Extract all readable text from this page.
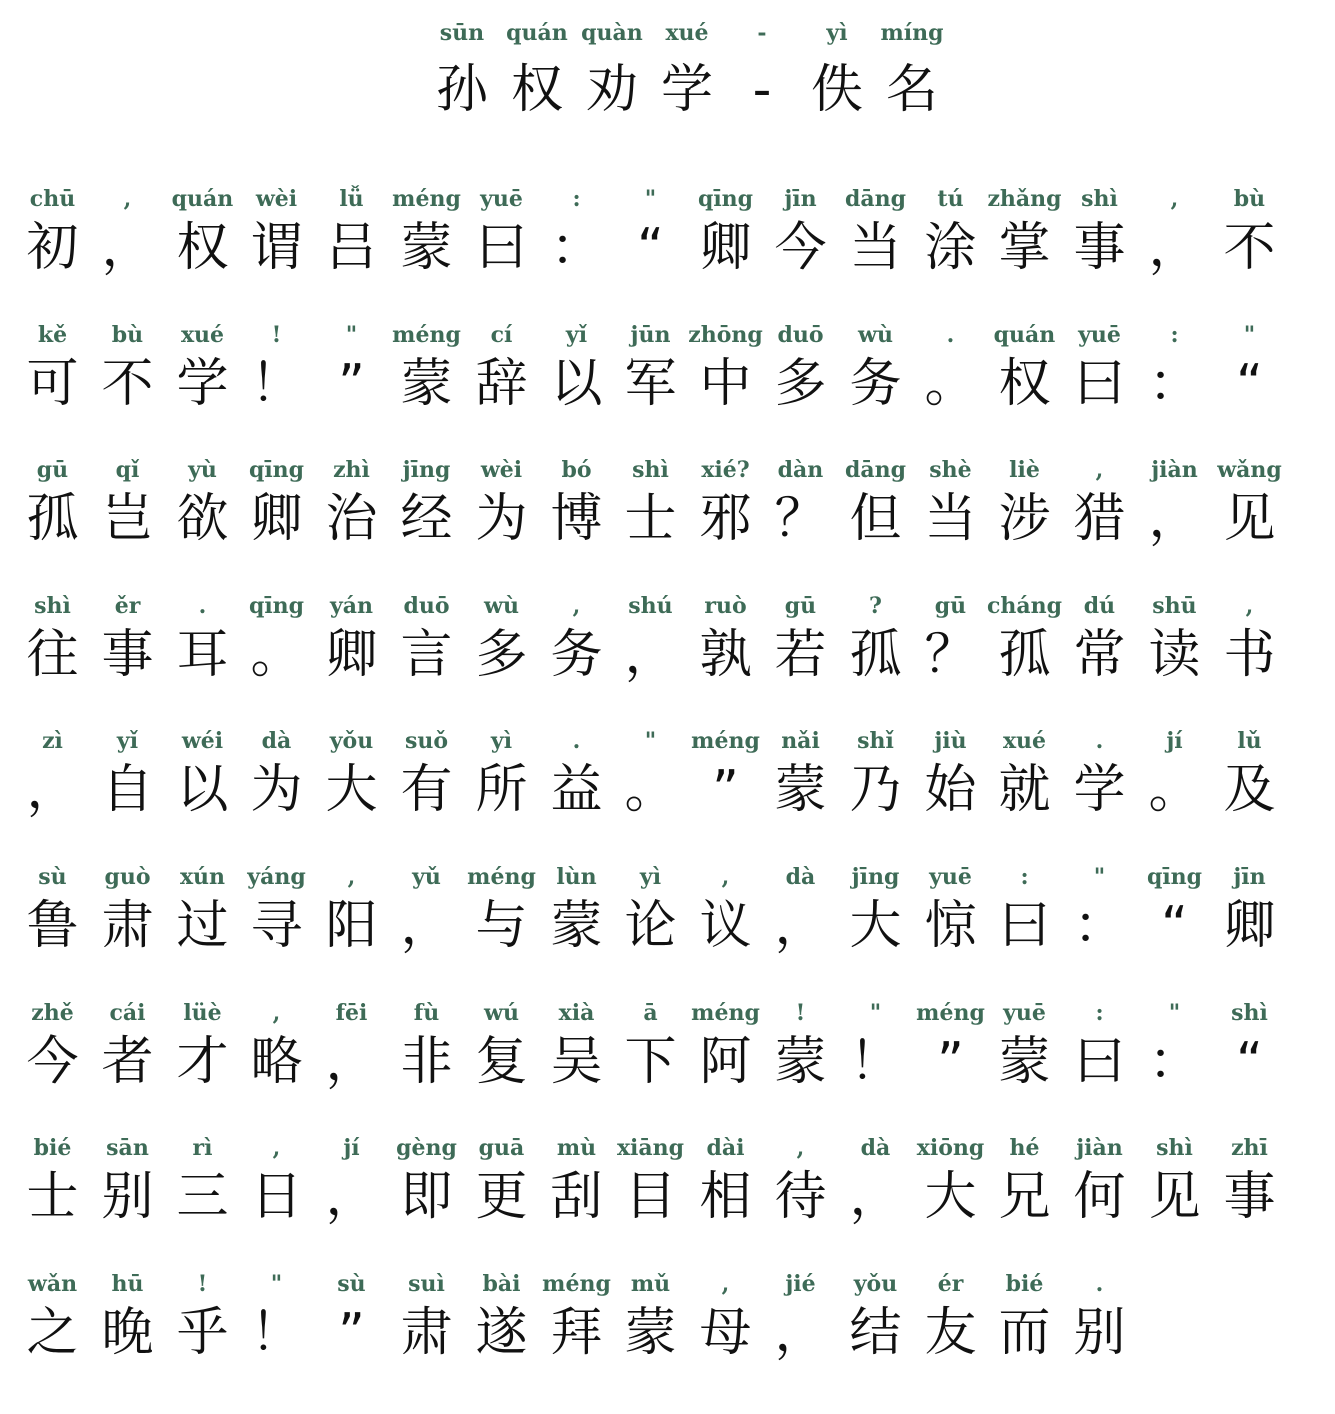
sūn
孙
quán
权
quàn
劝
xué
学
-
-
yì
佚
míng
名
chū
初
,
，
quán
权
wèi
谓
lǚ
吕
méng
蒙
yuē
曰
:
：
"
“
qīng
卿
jīn
今
dāng
当
tú
涂
zhǎng
掌
shì
事
,
，
bù
不
kě
可
bù
不
xué
学
!
！
"
”
méng
蒙
cí
辞
yǐ
以
jūn
军
zhōng
中
duō
多
wù
务
.
。
quán
权
yuē
曰
:
：
"
“
gū
孤
qǐ
岂
yù
欲
qīng
卿
zhì
治
jīng
经
wèi
为
bó
博
shì
士
xié?
邪
dàn
？
dāng
但
shè
当
liè
涉
,
猎
jiàn
，
wǎng
见
shì
往
ěr
事
.
耳
qīng
。
yán
卿
duō
言
wù
多
,
务
shú
，
ruò
孰
gū
若
?
孤
gū
？
cháng
孤
dú
常
shū
读
,
书
zì
，
yǐ
自
wéi
以
dà
为
yǒu
大
suǒ
有
yì
所
.
益
"
。
méng
”
nǎi
蒙
shǐ
乃
jiù
始
xué
就
.
学
jí
。
lǔ
及
sù
鲁
guò
肃
xún
过
yáng
寻
,
阳
yǔ
，
méng
与
lùn
蒙
yì
论
,
议
dà
，
jīng
大
yuē
惊
:
曰
"
：
qīng
“
jīn
卿
zhě
今
cái
者
lüè
才
,
略
fēi
，
fù
非
wú
复
xià
吴
ā
下
méng
阿
!
蒙
"
！
méng
”
yuē
蒙
:
曰
"
：
shì
“
bié
士
sān
别
rì
三
,
日
jí
，
gèng
即
guā
更
mù
刮
xiāng
目
dài
相
,
待
dà
，
xiōng
大
hé
兄
jiàn
何
shì
见
zhī
事
wǎn
之
hū
晚
!
乎
"
！
sù
”
suì
肃
bài
遂
méng
拜
mǔ
蒙
,
母
jié
，
yǒu
结
ér
友
bié
而
.
别
